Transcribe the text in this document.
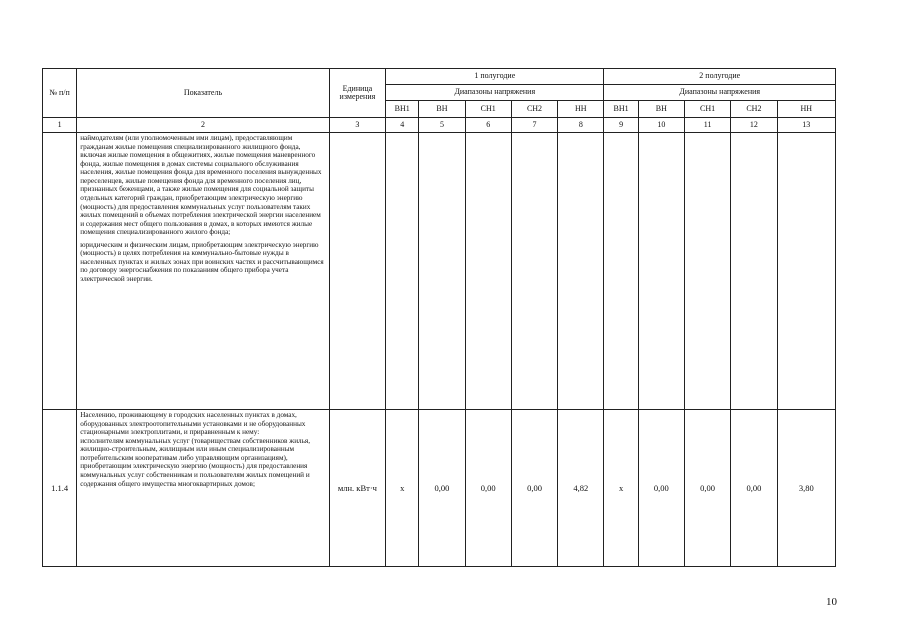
№ п/п	Показатель	Единица измерения	1 полугодие					2 полугодие				
			Диапазоны напряжения					Диапазоны напряжения				
			ВН1	ВН	СН1	СН2	НН	ВН1	ВН	СН1	СН2	НН
1	2	3	4	5	6	7	8	9	10	11	12	13

	наймодателям (или уполномоченным ими лицам), предоставляющим гражданам жилые помещения специализированного жилищного фонда, включая жилые помещения в общежитиях, жилые помещения маневренного фонда, жилые помещения в домах системы социального обслуживания населения, жилые помещения фонда для временного поселения вынужденных переселенцев, жилые помещения фонда для временного поселения лиц, признанных беженцами, а также жилые помещения для социальной защиты отдельных категорий граждан, приобретающим электрическую энергию (мощность) для предоставления коммунальных услуг пользователям таких жилых помещений в объемах потребления электрической энергии населением и содержания мест общего пользования в домах, в которых имеются жилые помещения специализированного жилого фонда;

юридическим и физическим лицам, приобретающим электрическую энергию (мощность) в целях потребления на коммунально-бытовые нужды в населенных пунктах и жилых зонах при воинских частях и рассчитывающимся по договору энергоснабжения по показаниям общего прибора учета электрической энергии.											

1.1.4	Населению, проживающему в городских населенных пунктах в домах, оборудованных электроотопительными установками и не оборудованных стационарными электроплитами, и приравненным к нему:

исполнителям коммунальных услуг (товариществам собственников жилья, жилищно-строительным, жилищным или иным специализированным потребительским кооперативам либо управляющим организациям), приобретающим электрическую энергию (мощность) для предоставления коммунальных услуг собственникам и пользователям жилых помещений и содержания общего имущества многоквартирных домов;	млн. кВт·ч	х	0,00	0,00	0,00	4,82	х	0,00	0,00	0,00	3,80
10
